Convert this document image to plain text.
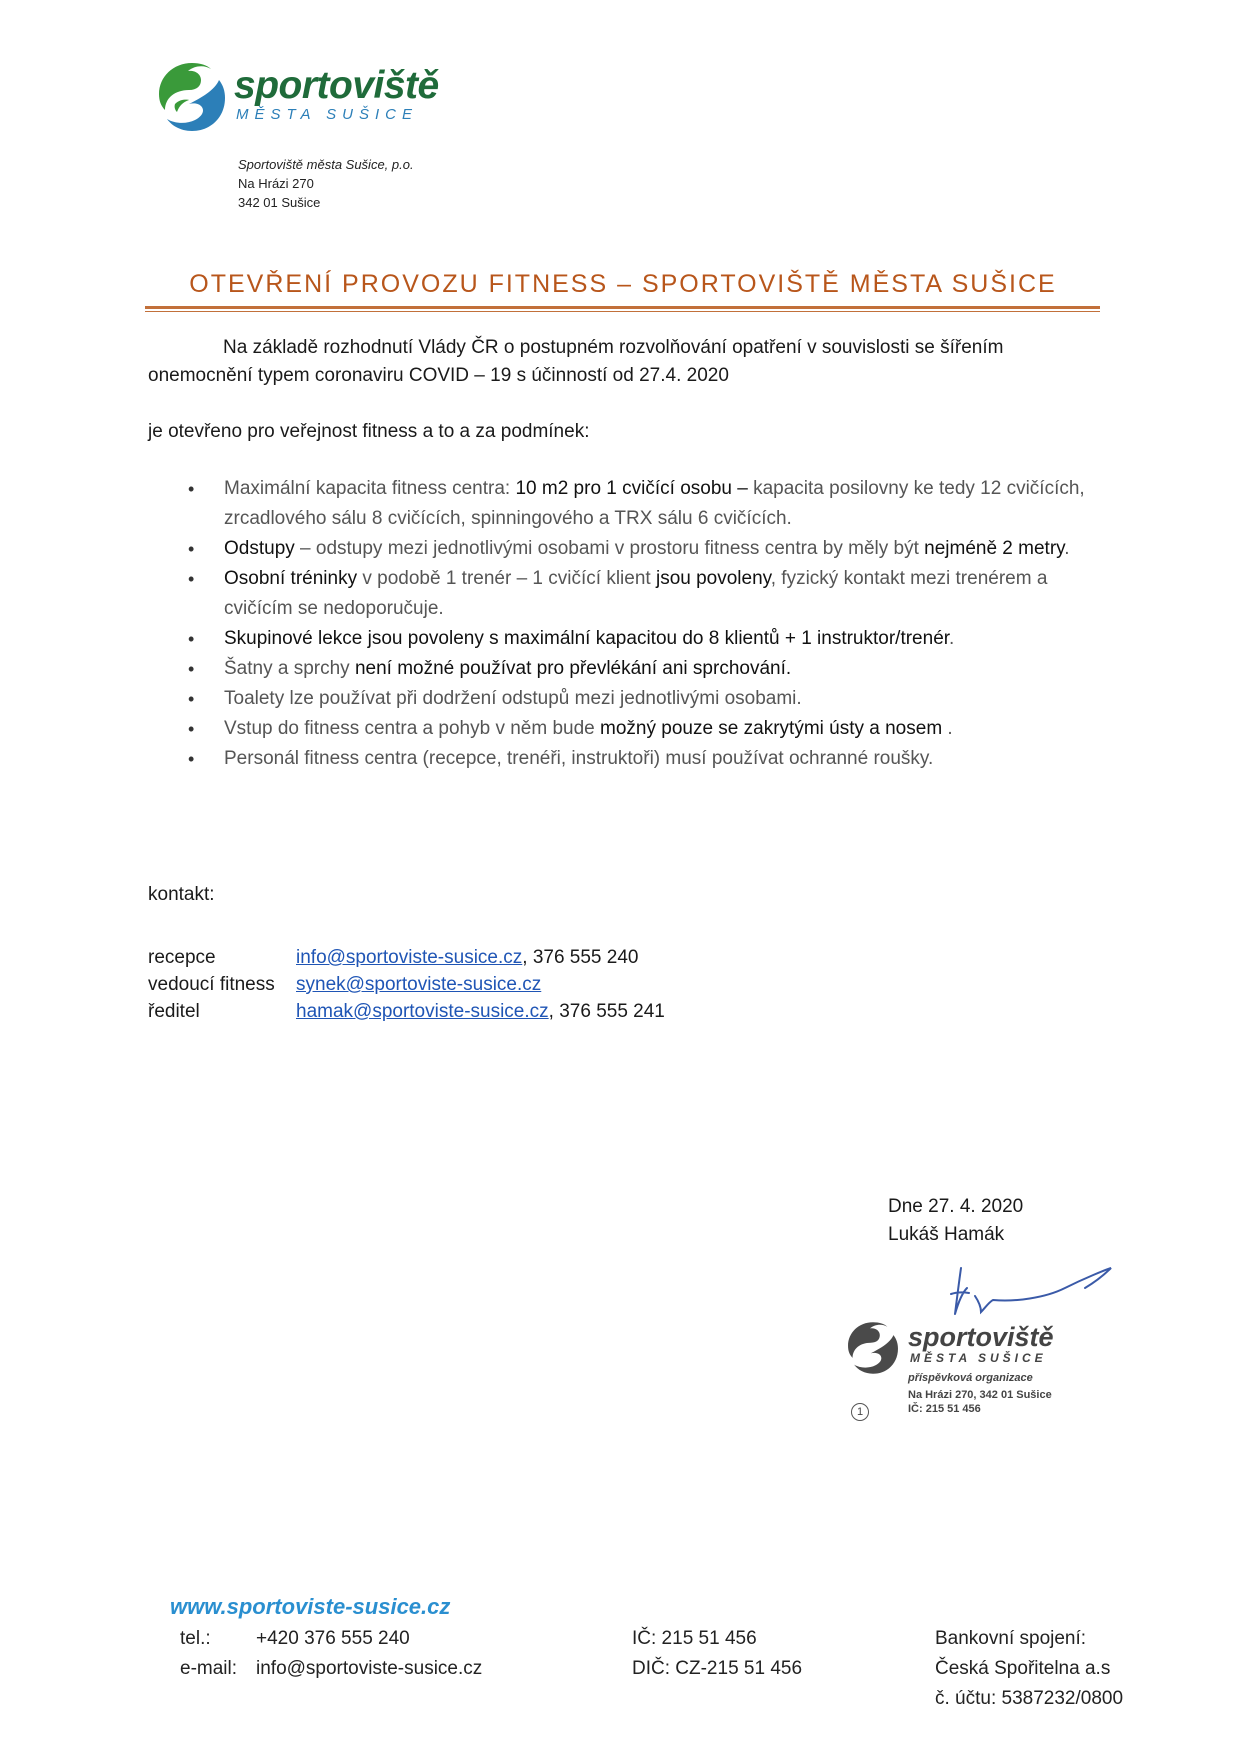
sportoviště
MĚSTA SUŠICE
Sportoviště města Sušice, p.o.
Na Hrázi 270
342 01 Sušice
OTEVŘENÍ PROVOZU FITNESS – SPORTOVIŠTĚ MĚSTA SUŠICE
Na základě rozhodnutí Vlády ČR o postupném rozvolňování opatření v souvislosti se šířením onemocnění typem coronaviru COVID – 19 s účinností od 27.4. 2020
je otevřeno pro veřejnost fitness a to a za podmínek:
• Maximální kapacita fitness centra: 10 m2 pro 1 cvičící osobu – kapacita posilovny ke tedy 12 cvičících, zrcadlového sálu 8 cvičících, spinningového a TRX sálu 6 cvičících.
• Odstupy – odstupy mezi jednotlivými osobami v prostoru fitness centra by měly být nejméně 2 metry.
• Osobní tréninky v podobě 1 trenér – 1 cvičící klient jsou povoleny, fyzický kontakt mezi trenérem a cvičícím se nedoporučuje.
• Skupinové lekce jsou povoleny s maximální kapacitou do 8 klientů + 1 instruktor/trenér.
• Šatny a sprchy není možné používat pro převlékání ani sprchování.
• Toalety lze používat při dodržení odstupů mezi jednotlivými osobami.
• Vstup do fitness centra a pohyb v něm bude možný pouze se zakrytými ústy a nosem .
• Personál fitness centra (recepce, trenéři, instruktoři) musí používat ochranné roušky.
kontakt:
recepce	info@sportoviste-susice.cz, 376 555 240
vedoucí fitness synek@sportoviste-susice.cz
ředitel	hamak@sportoviste-susice.cz, 376 555 241
Dne 27. 4. 2020
Lukáš Hamák
sportoviště
MĚSTA SUŠICE
příspěvková organizace
Na Hrázi 270, 342 01 Sušice
IČ: 215 51 456
1
www.sportoviste-susice.cz
tel.: +420 376 555 240
e-mail: info@sportoviste-susice.cz
IČ: 215 51 456
DIČ: CZ-215 51 456
Bankovní spojení:
Česká Spořitelna a.s
č. účtu: 5387232/0800
